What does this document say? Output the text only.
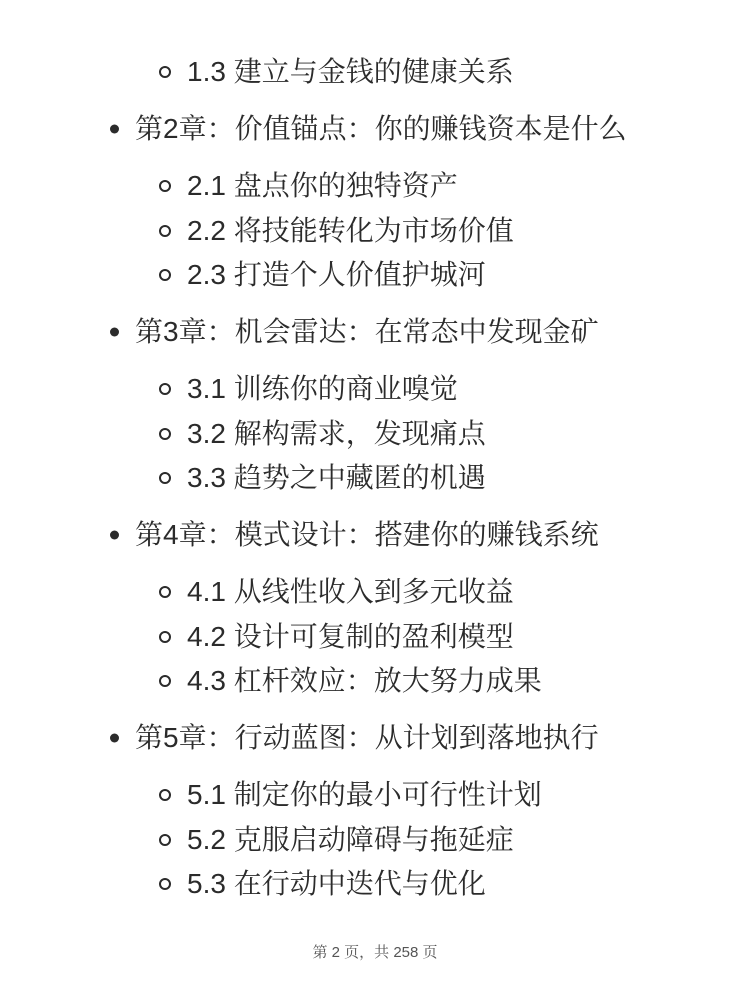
1.3 建立与金钱的健康关系
第2章：价值锚点：你的赚钱资本是什么
2.1 盘点你的独特资产
2.2 将技能转化为市场价值
2.3 打造个人价值护城河
第3章：机会雷达：在常态中发现金矿
3.1 训练你的商业嗅觉
3.2 解构需求，发现痛点
3.3 趋势之中藏匿的机遇
第4章：模式设计：搭建你的赚钱系统
4.1 从线性收入到多元收益
4.2 设计可复制的盈利模型
4.3 杠杆效应：放大努力成果
第5章：行动蓝图：从计划到落地执行
5.1 制定你的最小可行性计划
5.2 克服启动障碍与拖延症
5.3 在行动中迭代与优化
第 2 页，共 258 页
